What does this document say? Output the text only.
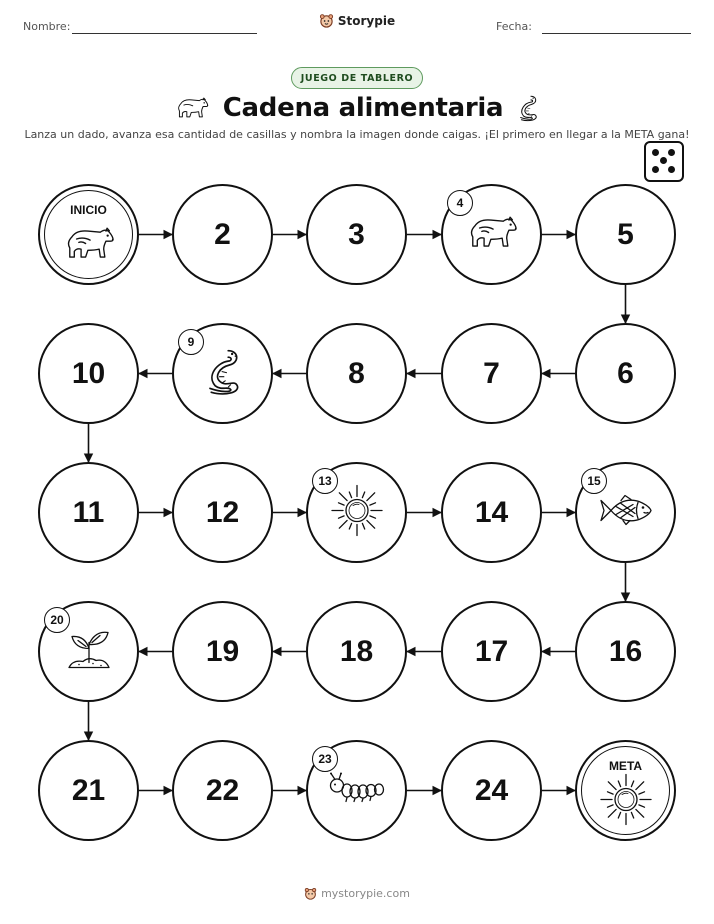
Nombre:	Storypie	Fecha:
JUEGO DE TABLERO
Cadena alimentaria
Lanza un dado, avanza esa cantidad de casillas y nombra la imagen donde caigas. ¡El primero en llegar a la META gana!
INICIO
2	3
4
5
6
7
8
9
10
11	12
13
14
15
16
17
18
19
20
21	22
23
24
META
mystorypie.com
